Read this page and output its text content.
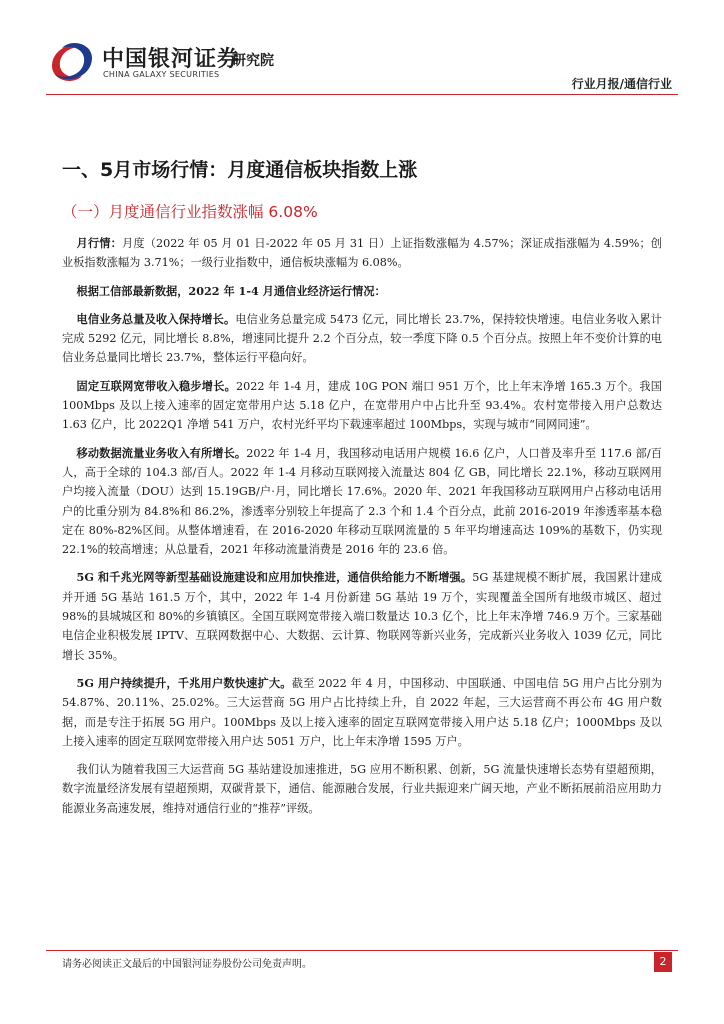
中国银河证券
CHINA GALAXY SECURITIES
研究院
行业月报/通信行业
一、5月市场行情：月度通信板块指数上涨
（一）月度通信行业指数涨幅 6.08%

月行情：月度（2022 年 05 月 01 日-2022 年 05 月 31 日）上证指数涨幅为 4.57%；深证成指涨幅为 4.59%；创业板指数涨幅为 3.71%；一级行业指数中，通信板块涨幅为 6.08%。

根据工信部最新数据，2022 年 1-4 月通信业经济运行情况：

电信业务总量及收入保持增长。电信业务总量完成 5473 亿元，同比增长 23.7%，保持较快增速。电信业务收入累计完成 5292 亿元，同比增长 8.8%，增速同比提升 2.2 个百分点，较一季度下降 0.5 个百分点。按照上年不变价计算的电信业务总量同比增长 23.7%，整体运行平稳向好。

固定互联网宽带收入稳步增长。2022 年 1-4 月，建成 10G PON 端口 951 万个，比上年末净增 165.3 万个。我国 100Mbps 及以上接入速率的固定宽带用户达 5.18 亿户，在宽带用户中占比升至 93.4%。农村宽带接入用户总数达 1.63 亿户，比 2022Q1 净增 541 万户，农村光纤平均下载速率超过 100Mbps，实现与城市“同网同速”。

移动数据流量业务收入有所增长。2022 年 1-4 月，我国移动电话用户规模 16.6 亿户，人口普及率升至 117.6 部/百人，高于全球的 104.3 部/百人。2022 年 1-4 月移动互联网接入流量达 804 亿 GB，同比增长 22.1%，移动互联网用户均接入流量（DOU）达到 15.19GB/户·月，同比增长 17.6%。2020 年、2021 年我国移动互联网用户占移动电话用户的比重分别为 84.8%和 86.2%，渗透率分别较上年提高了 2.3 个和 1.4 个百分点，此前 2016-2019 年渗透率基本稳定在 80%-82%区间。从整体增速看，在 2016-2020 年移动互联网流量的 5 年平均增速高达 109%的基数下，仍实现 22.1%的较高增速；从总量看，2021 年移动流量消费是 2016 年的 23.6 倍。

5G 和千兆光网等新型基础设施建设和应用加快推进，通信供给能力不断增强。5G 基建规模不断扩展，我国累计建成并开通 5G 基站 161.5 万个，其中，2022 年 1-4 月份新建 5G 基站 19 万个，实现覆盖全国所有地级市城区、超过 98%的县城城区和 80%的乡镇镇区。全国互联网宽带接入端口数量达 10.3 亿个，比上年末净增 746.9 万个。三家基础电信企业积极发展 IPTV、互联网数据中心、大数据、云计算、物联网等新兴业务，完成新兴业务收入 1039 亿元，同比增长 35%。

5G 用户持续提升，千兆用户数快速扩大。截至 2022 年 4 月，中国移动、中国联通、中国电信 5G 用户占比分别为 54.87%、20.11%、25.02%。三大运营商 5G 用户占比持续上升，自 2022 年起，三大运营商不再公布 4G 用户数据，而是专注于拓展 5G 用户。100Mbps 及以上接入速率的固定互联网宽带接入用户达 5.18 亿户；1000Mbps 及以上接入速率的固定互联网宽带接入用户达 5051 万户，比上年末净增 1595 万户。

我们认为随着我国三大运营商 5G 基站建设加速推进，5G 应用不断积累、创新，5G 流量快速增长态势有望超预期，数字流量经济发展有望超预期，双碳背景下，通信、能源融合发展，行业共振迎来广阔天地，产业不断拓展前沿应用助力能源业务高速发展，维持对通信行业的“推荐”评级。

请务必阅读正文最后的中国银河证券股份公司免责声明。	2
